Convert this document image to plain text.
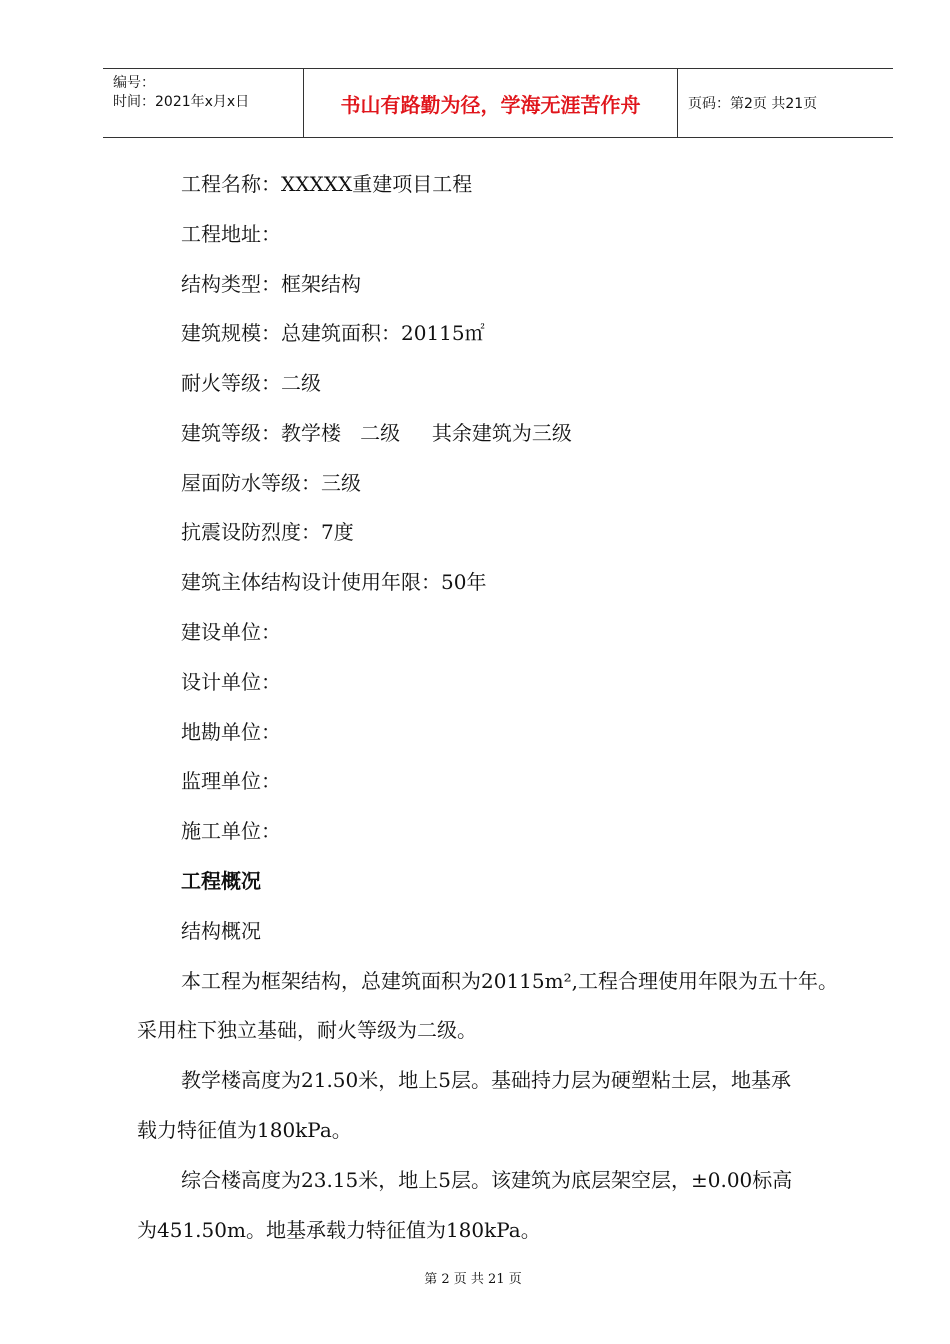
编号：
时间：2021年x月x日	书山有路勤为径，学海无涯苦作舟	页码：第2页 共21页
工程名称：XXXXX重建项目工程
工程地址：
结构类型：框架结构
建筑规模：总建筑面积：20115㎡
耐火等级：二级
建筑等级：教学楼   二级     其余建筑为三级
屋面防水等级：三级
抗震设防烈度：7度
建筑主体结构设计使用年限：50年
建设单位：
设计单位：
地勘单位：
监理单位：
施工单位：
工程概况
结构概况
本工程为框架结构，总建筑面积为20115m²,工程合理使用年限为五十年。
采用柱下独立基础，耐火等级为二级。
教学楼高度为21.50米，地上5层。基础持力层为硬塑粘土层，地基承
载力特征值为180kPa。
综合楼高度为23.15米，地上5层。该建筑为底层架空层，±0.00标高
为451.50m。地基承载力特征值为180kPa。
第 2 页 共 21 页
